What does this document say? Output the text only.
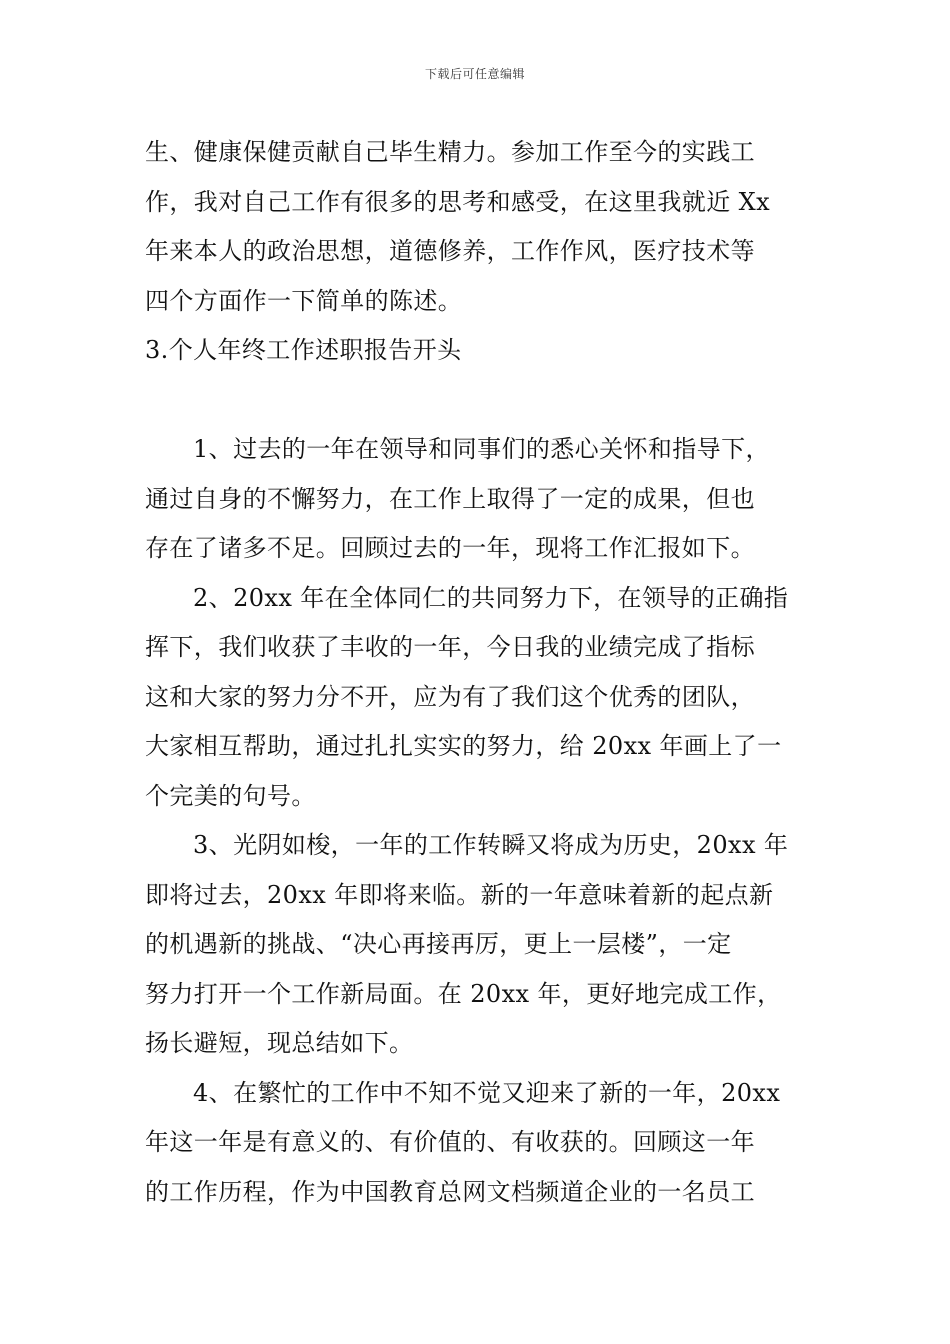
下载后可任意编辑
生、健康保健贡献自己毕生精力。参加工作至今的实践工
作，我对自己工作有很多的思考和感受，在这里我就近 Xx
年来本人的政治思想，道德修养，工作作风，医疗技术等
四个方面作一下简单的陈述。
3.个人年终工作述职报告开头
1、过去的一年在领导和同事们的悉心关怀和指导下，
通过自身的不懈努力，在工作上取得了一定的成果，但也
存在了诸多不足。回顾过去的一年，现将工作汇报如下。
2、20xx 年在全体同仁的共同努力下，在领导的正确指
挥下，我们收获了丰收的一年，今日我的业绩完成了指标
这和大家的努力分不开，应为有了我们这个优秀的团队，
大家相互帮助，通过扎扎实实的努力，给 20xx 年画上了一
个完美的句号。
3、光阴如梭，一年的工作转瞬又将成为历史，20xx 年
即将过去，20xx 年即将来临。新的一年意味着新的起点新
的机遇新的挑战、“决心再接再厉，更上一层楼”，一定
努力打开一个工作新局面。在 20xx 年，更好地完成工作，
扬长避短，现总结如下。
4、在繁忙的工作中不知不觉又迎来了新的一年，20xx
年这一年是有意义的、有价值的、有收获的。回顾这一年
的工作历程，作为中国教育总网文档频道企业的一名员工
